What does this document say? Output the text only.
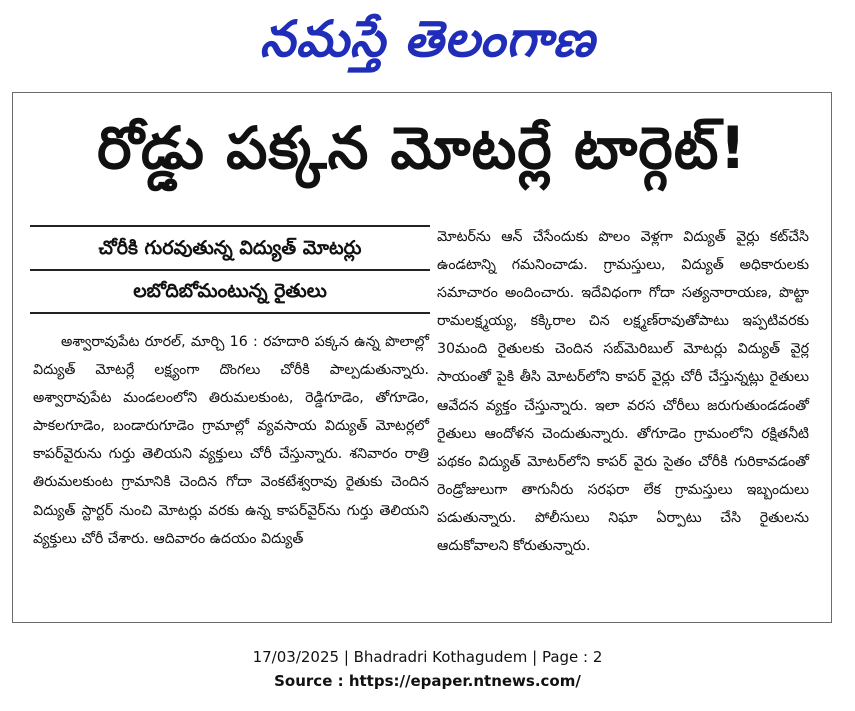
నమస్తే తెలంగాణ
రోడ్డు పక్కన మోటర్లే టార్గెట్!
చోరీకి గురవుతున్న విద్యుత్ మోటర్లు
లబోదిబోమంటున్న రైతులు

అశ్వారావుపేట రూరల్, మార్చి 16 : రహదారి పక్కన ఉన్న పొలాల్లో విద్యుత్ మోటర్లే లక్ష్యంగా దొంగలు చోరీకి పాల్పడుతున్నారు. అశ్వారావుపేట మండలంలోని తిరుమలకుంట, రెడ్డిగూడెం, తోగూడెం, పాకలగూడెం, బండారుగూడెం గ్రామాల్లో వ్యవసాయ విద్యుత్ మోటర్లలో కాపర్‌వైరును గుర్తు తెలియని వ్యక్తులు చోరీ చేస్తున్నారు. శనివారం రాత్రి తిరుమలకుంట గ్రామానికి చెందిన గోదా వెంకటేశ్వరావు రైతుకు చెందిన విద్యుత్ స్టార్టర్ నుంచి మోటర్లు వరకు ఉన్న కాపర్‌వైర్‌ను గుర్తు తెలియని వ్యక్తులు చోరీ చేశారు. ఆదివారం ఉదయం విద్యుత్

మోటర్‌ను ఆన్ చేసేందుకు పొలం వెళ్లగా విద్యుత్ వైర్లు కట్‌చేసి ఉండటాన్ని గమనించాడు. గ్రామస్తులు, విద్యుత్ అధికారులకు సమాచారం అందించారు. ఇదేవిధంగా గోదా సత్యనారాయణ, పొట్టా రామలక్ష్మయ్య, కక్కిరాల చిన లక్ష్మణ్‌రావుతోపాటు ఇప్పటివరకు 30మంది రైతులకు చెందిన సబ్‌మెరిబుల్ మోటర్లు విద్యుత్ వైర్ల సాయంతో పైకి తీసి మోటర్‌లోని కాపర్ వైర్లు చోరీ చేస్తున్నట్లు రైతులు ఆవేదన వ్యక్తం చేస్తున్నారు. ఇలా వరస చోరీలు జరుగుతుండడంతో రైతులు ఆందోళన చెందుతున్నారు. తోగూడెం గ్రామంలోని రక్షితనీటి పథకం విద్యుత్ మోటర్‌లోని కాపర్ వైరు సైతం చోరీకి గురికావడంతో రెండ్రోజులుగా తాగునీరు సరఫరా లేక గ్రామస్తులు ఇబ్బందులు పడుతున్నారు. పోలీసులు నిఘా ఏర్పాటు చేసి రైతులను ఆదుకోవాలని కోరుతున్నారు.

17/03/2025 | Bhadradri Kothagudem | Page : 2
Source : https://epaper.ntnews.com/
